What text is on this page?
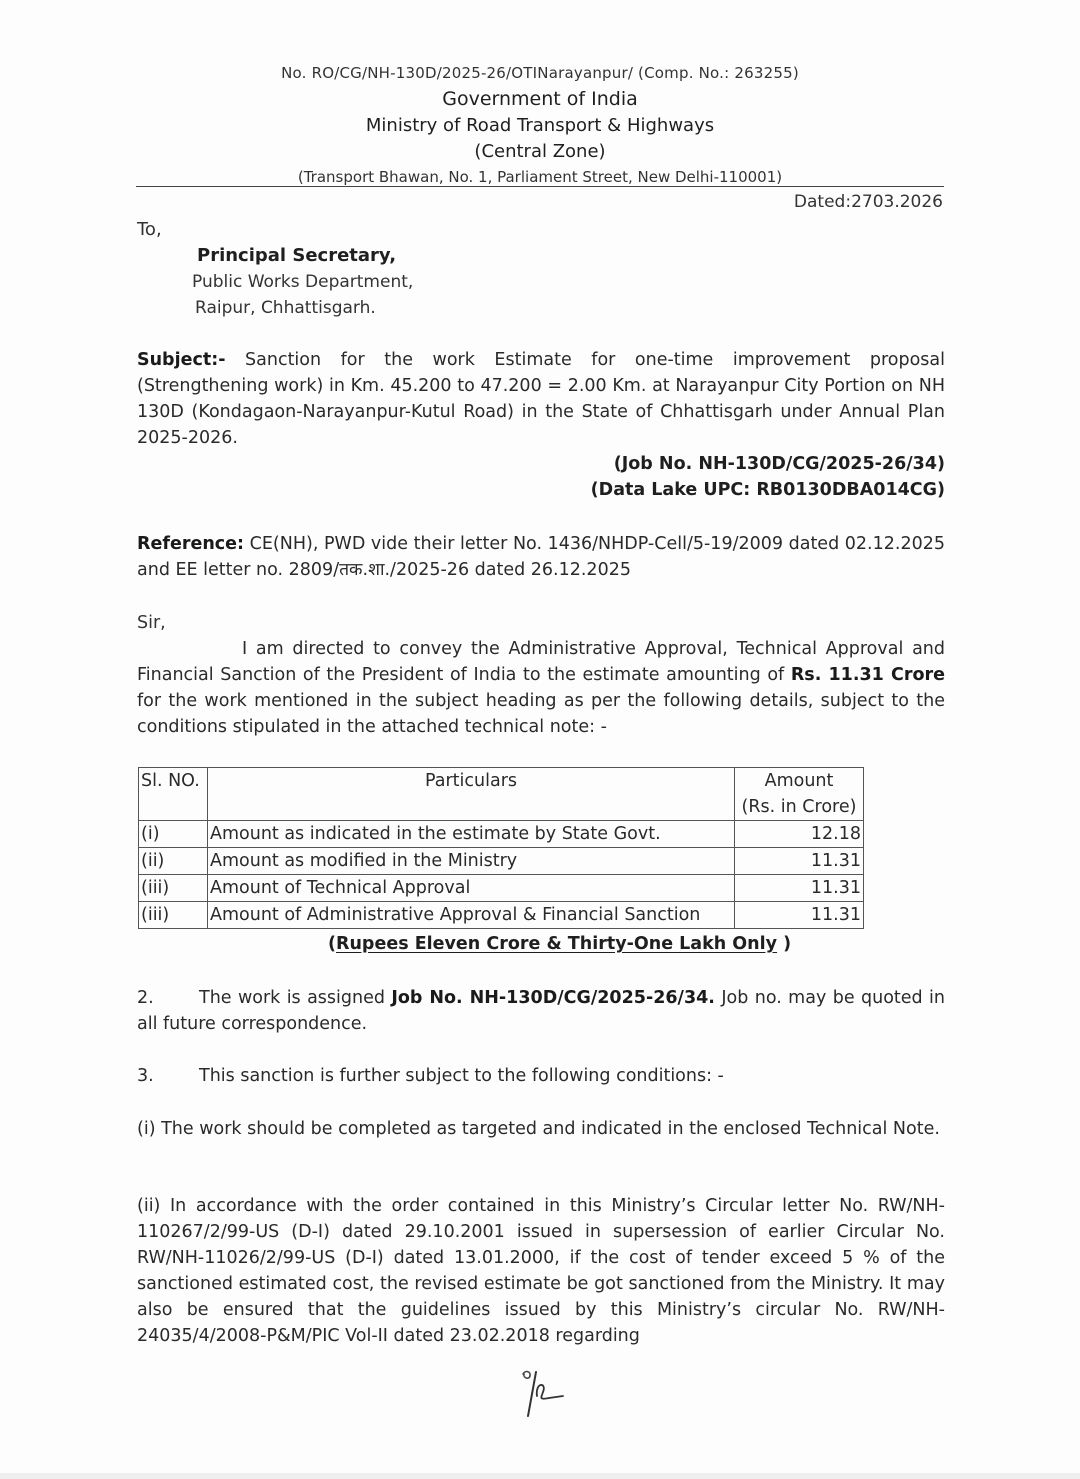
No. RO/CG/NH-130D/2025-26/OTINarayanpur/ (Comp. No.: 263255)
Government of India
Ministry of Road Transport & Highways
(Central Zone)
(Transport Bhawan, No. 1, Parliament Street, New Delhi-110001)
Dated:2703.2026
To,
Principal Secretary,
Public Works Department,
Raipur, Chhattisgarh.
Subject:- Sanction for the work Estimate for one-time improvement proposal (Strengthening work) in Km. 45.200 to 47.200 = 2.00 Km. at Narayanpur City Portion on NH 130D (Kondagaon-Narayanpur-Kutul Road) in the State of Chhattisgarh under Annual Plan 2025-2026.
(Job No. NH-130D/CG/2025-26/34)
(Data Lake UPC: RB0130DBA014CG)
Reference: CE(NH), PWD vide their letter No. 1436/NHDP-Cell/5-19/2009 dated 02.12.2025 and EE letter no. 2809/तक.शा./2025-26 dated 26.12.2025
Sir,
I am directed to convey the Administrative Approval, Technical Approval and Financial Sanction of the President of India to the estimate amounting of Rs. 11.31 Crore for the work mentioned in the subject heading as per the following details, subject to the conditions stipulated in the attached technical note: -
Sl. NO.	Particulars	Amount
(Rs. in Crore)

(i)	Amount as indicated in the estimate by State Govt.	12.18
(ii)	Amount as modified in the Ministry	11.31
(iii)	Amount of Technical Approval	11.31
(iii)	Amount of Administrative Approval & Financial Sanction	11.31
(Rupees Eleven Crore & Thirty-One Lakh Only )
2.	The work is assigned Job No. NH-130D/CG/2025-26/34. Job no. may be quoted in all future correspondence.
3.	This sanction is further subject to the following conditions: -
(i) The work should be completed as targeted and indicated in the enclosed Technical Note.
(ii) In accordance with the order contained in this Ministry’s Circular letter No. RW/NH-110267/2/99-US (D-I) dated 29.10.2001 issued in supersession of earlier Circular No. RW/NH-11026/2/99-US (D-I) dated 13.01.2000, if the cost of tender exceed 5 % of the sanctioned estimated cost, the revised estimate be got sanctioned from the Ministry. It may also be ensured that the guidelines issued by this Ministry’s circular No. RW/NH-24035/4/2008-P&M/PIC Vol-II dated 23.02.2018 regarding
